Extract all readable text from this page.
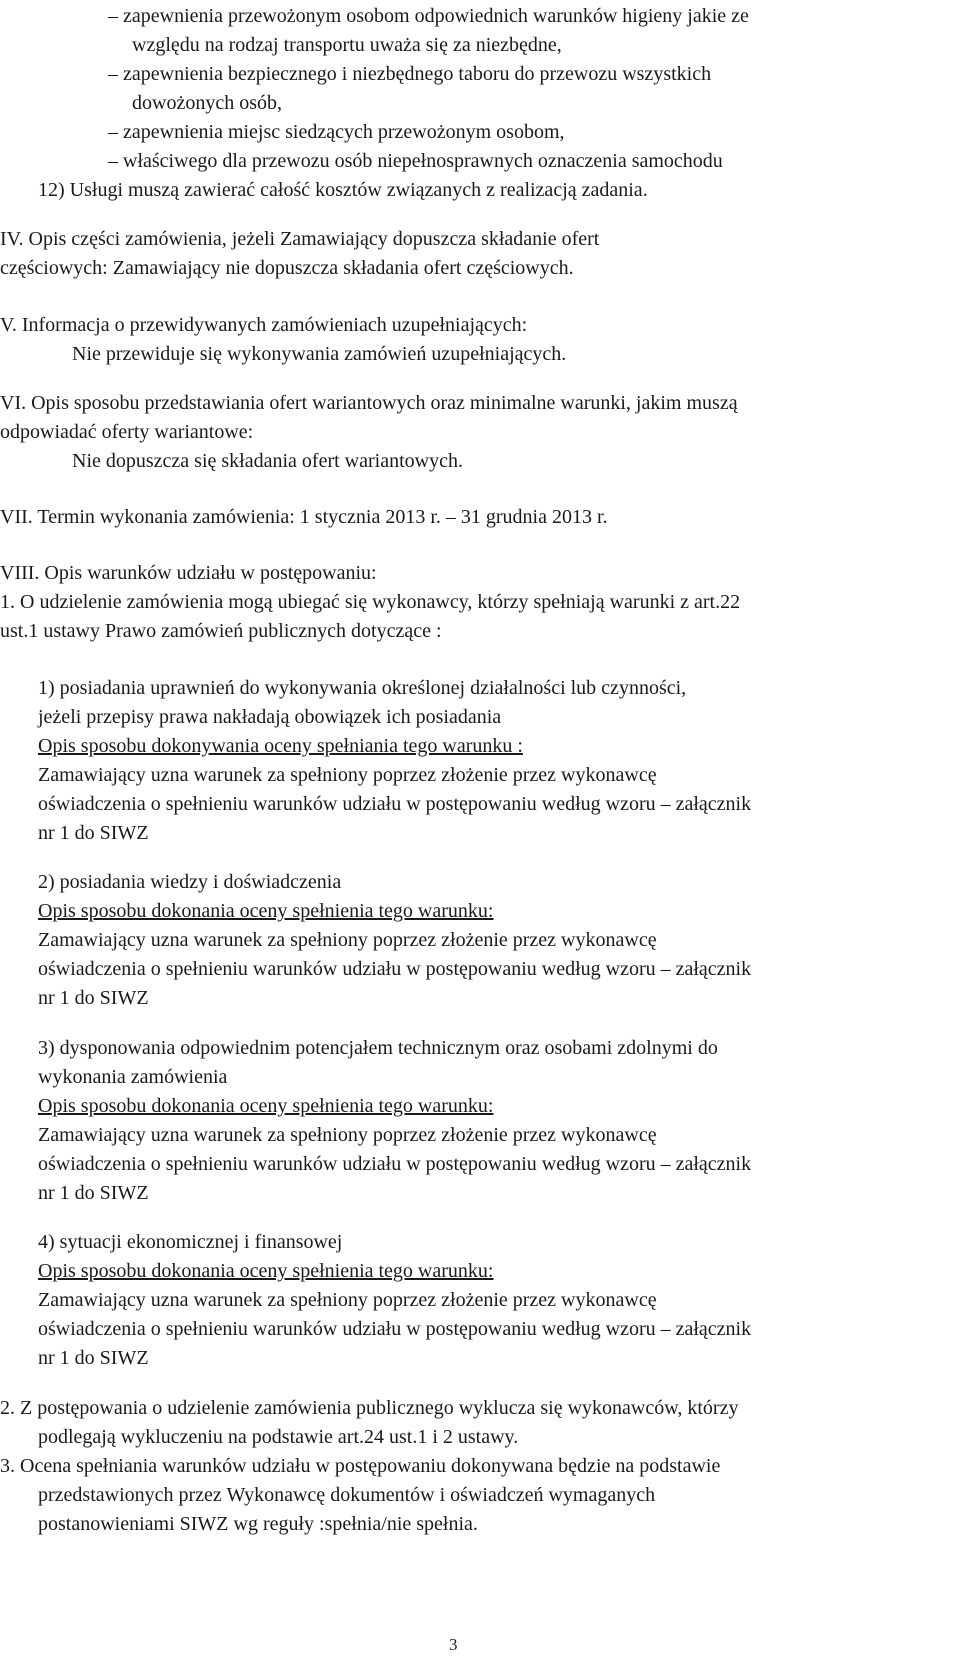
– zapewnienia przewożonym osobom odpowiednich warunków higieny jakie ze
względu na rodzaj transportu uważa się za niezbędne,
– zapewnienia bezpiecznego i niezbędnego taboru do przewozu wszystkich
dowożonych osób,
– zapewnienia miejsc siedzących przewożonym osobom,
– właściwego dla przewozu osób niepełnosprawnych oznaczenia samochodu
12) Usługi muszą zawierać całość kosztów związanych z realizacją zadania.
IV. Opis części zamówienia, jeżeli Zamawiający dopuszcza składanie ofert
częściowych: Zamawiający nie dopuszcza składania ofert częściowych.
V. Informacja o przewidywanych zamówieniach uzupełniających:
Nie przewiduje się wykonywania zamówień uzupełniających.
VI. Opis sposobu przedstawiania ofert wariantowych oraz minimalne warunki, jakim muszą
odpowiadać oferty wariantowe:
Nie dopuszcza się składania ofert wariantowych.
VII. Termin wykonania zamówienia: 1 stycznia 2013 r. – 31 grudnia 2013 r.
VIII. Opis warunków udziału w postępowaniu:
1. O udzielenie zamówienia mogą ubiegać się wykonawcy, którzy spełniają warunki z art.22
ust.1 ustawy Prawo zamówień publicznych dotyczące :
1) posiadania uprawnień do wykonywania określonej działalności lub czynności,
jeżeli przepisy prawa nakładają obowiązek ich posiadania
Opis sposobu dokonywania oceny spełniania tego warunku :
Zamawiający uzna warunek za spełniony poprzez złożenie przez wykonawcę
oświadczenia o spełnieniu warunków udziału w postępowaniu według wzoru – załącznik
nr 1 do SIWZ
2) posiadania wiedzy i doświadczenia
Opis sposobu dokonania oceny spełnienia tego warunku:
Zamawiający uzna warunek za spełniony poprzez złożenie przez wykonawcę
oświadczenia o spełnieniu warunków udziału w postępowaniu według wzoru – załącznik
nr 1 do SIWZ
3) dysponowania odpowiednim potencjałem technicznym oraz osobami zdolnymi do
wykonania zamówienia
Opis sposobu dokonania oceny spełnienia tego warunku:
Zamawiający uzna warunek za spełniony poprzez złożenie przez wykonawcę
oświadczenia o spełnieniu warunków udziału w postępowaniu według wzoru – załącznik
nr 1 do SIWZ
4) sytuacji ekonomicznej i finansowej
Opis sposobu dokonania oceny spełnienia tego warunku:
Zamawiający uzna warunek za spełniony poprzez złożenie przez wykonawcę
oświadczenia o spełnieniu warunków udziału w postępowaniu według wzoru – załącznik
nr 1 do SIWZ
2. Z postępowania o udzielenie zamówienia publicznego wyklucza się wykonawców, którzy
podlegają wykluczeniu na podstawie art.24 ust.1 i 2 ustawy.
3. Ocena spełniania warunków udziału w postępowaniu dokonywana będzie na podstawie
przedstawionych przez Wykonawcę dokumentów i oświadczeń wymaganych
postanowieniami SIWZ wg reguły :spełnia/nie spełnia.
3
